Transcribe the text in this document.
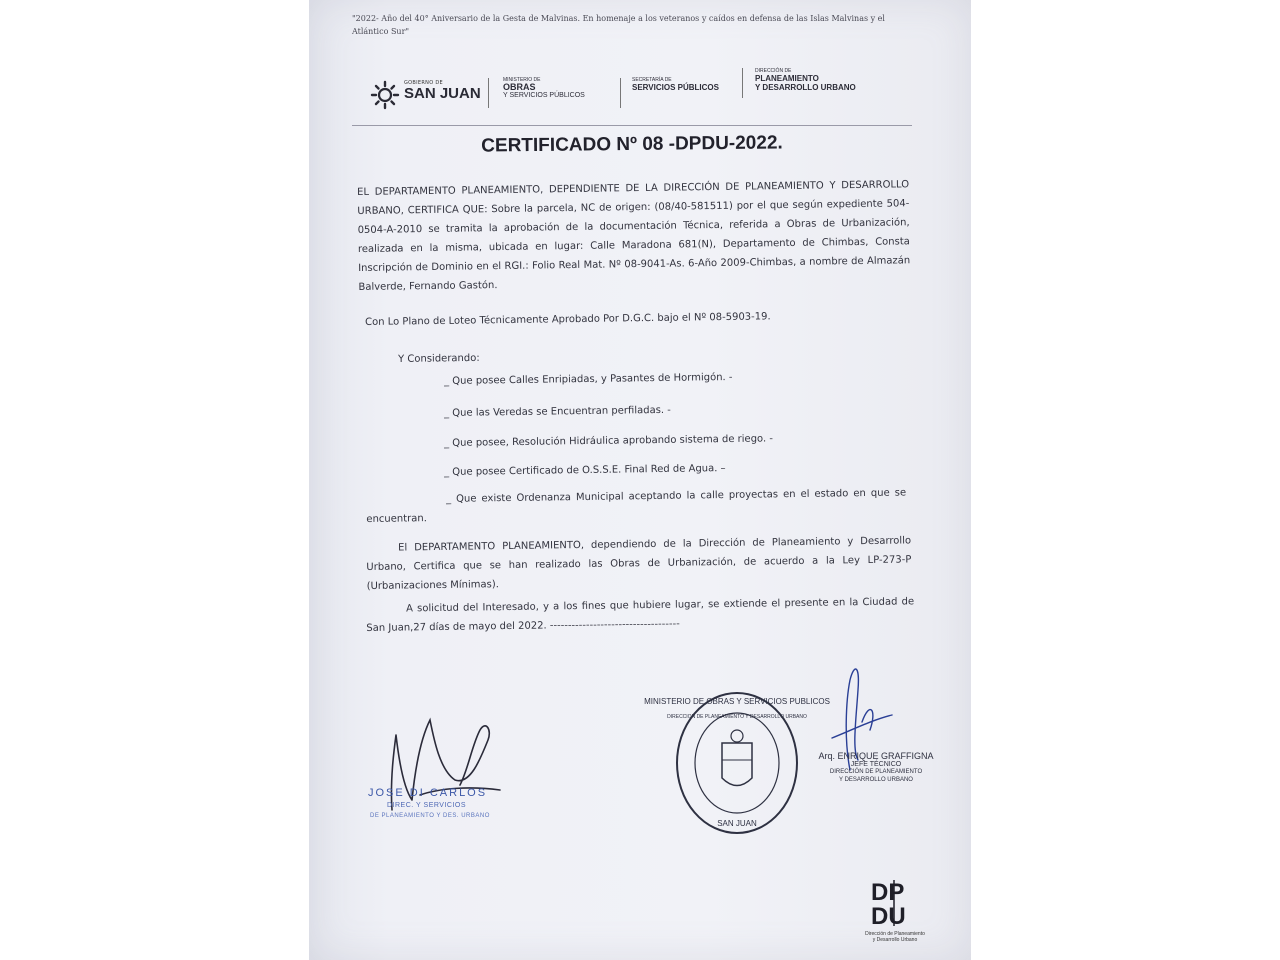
"2022- Año del 40° Aniversario de la Gesta de Malvinas. En homenaje a los veteranos y caídos en defensa de las Islas Malvinas y el Atlántico Sur"
GOBIERNO DE
SAN JUAN
MINISTERIO DE
OBRAS
Y SERVICIOS PÚBLICOS
SECRETARÍA DE
SERVICIOS PÚBLICOS
DIRECCIÓN DE
PLANEAMIENTO
Y DESARROLLO URBANO
CERTIFICADO Nº 08 -DPDU-2022.
EL DEPARTAMENTO PLANEAMIENTO, DEPENDIENTE DE LA DIRECCIÓN DE PLANEAMIENTO Y DESARROLLO URBANO, CERTIFICA QUE: Sobre la parcela, NC de origen: (08/40-581511) por el que según expediente 504-0504-A-2010 se tramita la aprobación de la documentación Técnica, referida a Obras de Urbanización, realizada en la misma, ubicada en lugar: Calle Maradona 681(N), Departamento de Chimbas, Consta Inscripción de Dominio en el RGI.: Folio Real Mat. Nº 08-9041-As. 6-Año 2009-Chimbas, a nombre de Almazán Balverde, Fernando Gastón.
Con Lo Plano de Loteo Técnicamente Aprobado Por D.G.C. bajo el Nº 08-5903-19.
Y Considerando:
_ Que posee Calles Enripiadas, y Pasantes de Hormigón. -
_ Que las Veredas se Encuentran perfiladas. -
_ Que posee, Resolución Hidráulica aprobando sistema de riego. -
_ Que posee Certificado de O.S.S.E. Final Red de Agua. –
_ Que existe Ordenanza Municipal aceptando la calle proyectas en el estado en que se encuentran.
El DEPARTAMENTO PLANEAMIENTO, dependiendo de la Dirección de Planeamiento y Desarrollo Urbano, Certifica que se han realizado las Obras de Urbanización, de acuerdo a la Ley LP-273-P (Urbanizaciones Mínimas).
A solicitud del Interesado, y a los fines que hubiere lugar, se extiende el presente en la Ciudad de San Juan,27 días de mayo del 2022. ------------------------------------
JOSE DI CARLOS
DIREC. Y SERVICIOS
DE PLANEAMIENTO Y DES. URBANO
MINISTERIO DE OBRAS Y SERVICIOS PUBLICOS
DIRECCION DE PLANEAMIENTO Y DESARROLLO URBANO
SAN JUAN
Arq. ENRIQUE GRAFFIGNA
JEFE TÉCNICO
DIRECCIÓN DE PLANEAMIENTO
Y DESARROLLO URBANO
DP
DU
Dirección de Planeamiento
y Desarrollo Urbano
